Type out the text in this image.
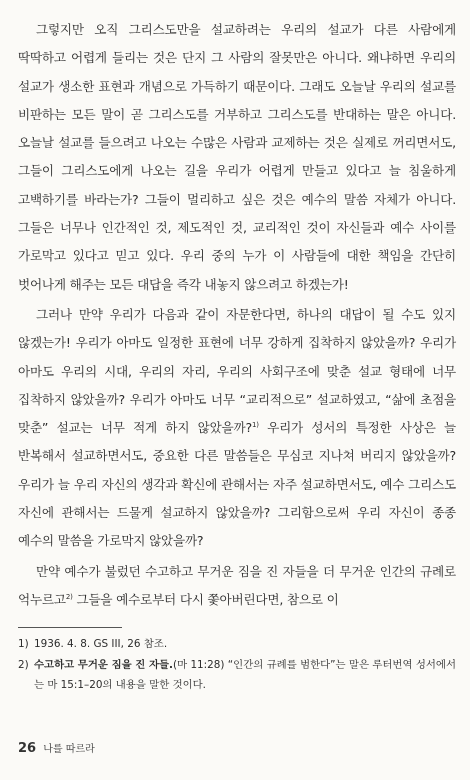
그렇지만 오직 그리스도만을 설교하려는 우리의 설교가 다른 사람에게 딱딱하고 어렵게 들리는 것은 단지 그 사람의 잘못만은 아니다. 왜냐하면 우리의 설교가 생소한 표현과 개념으로 가득하기 때문이다. 그래도 오늘날 우리의 설교를 비판하는 모든 말이 곧 그리스도를 거부하고 그리스도를 반대하는 말은 아니다. 오늘날 설교를 들으려고 나오는 수많은 사람과 교제하는 것은 실제로 꺼리면서도, 그들이 그리스도에게 나오는 길을 우리가 어렵게 만들고 있다고 늘 침울하게 고백하기를 바라는가? 그들이 멀리하고 싶은 것은 예수의 말씀 자체가 아니다. 그들은 너무나 인간적인 것, 제도적인 것, 교리적인 것이 자신들과 예수 사이를 가로막고 있다고 믿고 있다. 우리 중의 누가 이 사람들에 대한 책임을 간단히 벗어나게 해주는 모든 대답을 즉각 내놓지 않으려고 하겠는가!

그러나 만약 우리가 다음과 같이 자문한다면, 하나의 대답이 될 수도 있지 않겠는가! 우리가 아마도 일정한 표현에 너무 강하게 집착하지 않았을까? 우리가 아마도 우리의 시대, 우리의 자리, 우리의 사회구조에 맞춘 설교 형태에 너무 집착하지 않았을까? 우리가 아마도 너무 “교리적으로” 설교하였고, “삶에 초점을 맞춘” 설교는 너무 적게 하지 않았을까?$^{1)}$ 우리가 성서의 특정한 사상은 늘 반복해서 설교하면서도, 중요한 다른 말씀들은 무심코 지나쳐 버리지 않았을까? 우리가 늘 우리 자신의 생각과 확신에 관해서는 자주 설교하면서도, 예수 그리스도 자신에 관해서는 드물게 설교하지 않았을까? 그리함으로써 우리 자신이 종종 예수의 말씀을 가로막지 않았을까?

만약 예수가 불렀던 수고하고 무거운 짐을 진 자들을 더 무거운 인간의 규례로 억누르고$^{2)}$ 그들을 예수로부터 다시 쫓아버린다면, 참으로 이

1) 1936. 4. 8. GS III, 26 참조.
2) 수고하고 무거운 짐을 진 자들.(마 11:28) “인간의 규례를 범한다”는 말은 루터번역 성서에서는 마 15:1–20의 내용을 말한 것이다.
26 나를 따르라
